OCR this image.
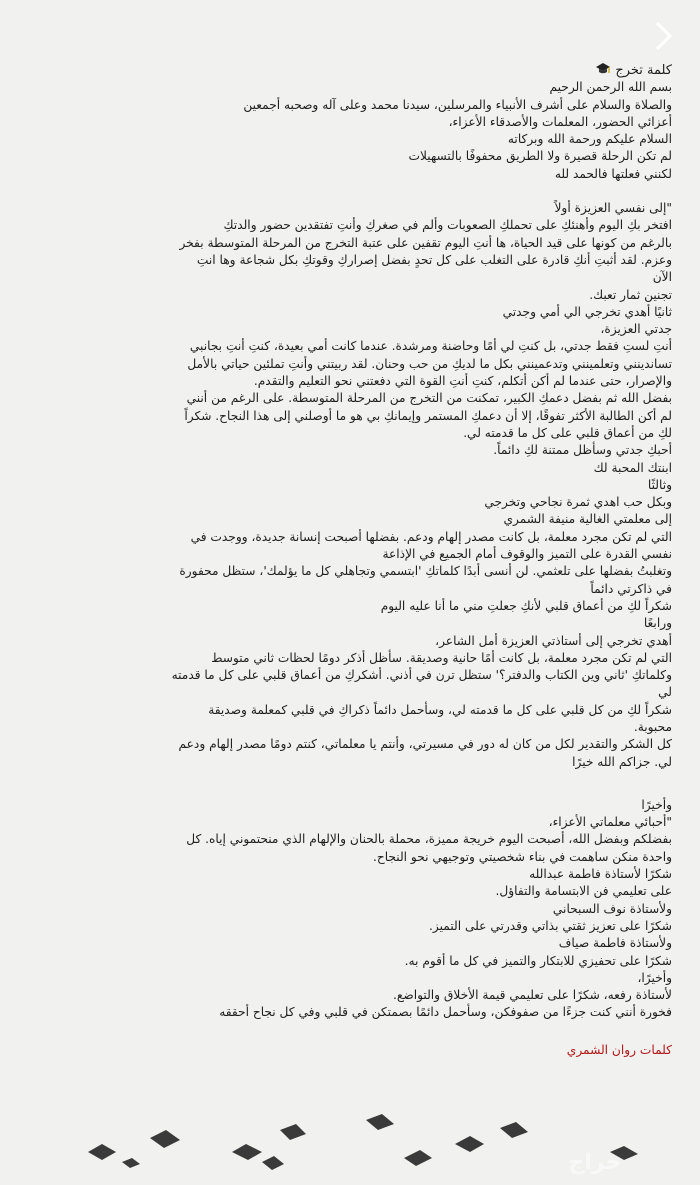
كلمة تخرج
بسم الله الرحمن الرحيم
والصلاة والسلام على أشرف الأنبياء والمرسلين، سيدنا محمد وعلى آله وصحبه أجمعين
أعزائي الحضور، المعلمات والأصدقاء الأعزاء،
السلام عليكم ورحمة الله وبركاته
لم تكن الرحلة قصيرة ولا الطريق محفوفًا بالتسهيلات
لكنني فعلتها فالحمد لله
"إلى نفسي العزيزة أولاً
افتخر بكِ اليوم وأهنئكِ على تحملكِ الصعوبات وألم في صغركِ وأنتِ تفتقدين حضور والدتكِ
بالرغم من كونها على قيد الحياة، ها أنتِ اليوم تقفين على عتبة التخرج من المرحلة المتوسطة بفخر
وعزم. لقد أثبتِ أنكِ قادرة على التغلب على كل تحدٍ بفضل إصراركِ وقوتكِ بكل شجاعة وها انتِ
الآن
تجنين ثمار تعبك.
ثانيًا أهدي تخرجي الي أمي وجدتي
جدتي العزيزة،
أنتِ لستِ فقط جدتي، بل كنتِ لي أمًا وحاضنة ومرشدة. عندما كانت أمي بعيدة، كنتِ أنتِ بجانبي
تساندينني وتعلمينني وتدعمينني بكل ما لديكِ من حب وحنان. لقد ربيتني وأنتِ تملئين حياتي بالأمل
والإصرار، حتى عندما لم أكن أتكلم، كنتِ أنتِ القوة التي دفعتني نحو التعليم والتقدم.
بفضل الله ثم بفضل دعمكِ الكبير، تمكنت من التخرج من المرحلة المتوسطة. على الرغم من أنني
لم أكن الطالبة الأكثر تفوقًا، إلا أن دعمكِ المستمر وإيمانكِ بي هو ما أوصلني إلى هذا النجاح. شكراً
لكِ من أعماق قلبي على كل ما قدمته لي.
أحبكِ جدتي وسأظل ممتنة لكِ دائماً.
ابنتك المحبة لك
وثالثًا
وبكل حب اهدي ثمرة نجاحي وتخرجي
إلى معلمتي الغالية منيفة الشمري
التي لم تكن مجرد معلمة، بل كانت مصدر إلهام ودعم. بفضلها أصبحت إنسانة جديدة، ووجدت في
نفسي القدرة على التميز والوقوف أمام الجميع في الإذاعة
وتغلبتُ بفضلها على تلعثمي. لن أنسى أبدًا كلماتكِ 'ابتسمي وتجاهلي كل ما يؤلمك'، ستظل محفورة
في ذاكرتي دائماً
شكراً لكِ من أعماق قلبي لأنكِ جعلتِ مني ما أنا عليه اليوم
ورابعًا
أهدي تخرجي إلى أستاذتي العزيزة أمل الشاعر،
التي لم تكن مجرد معلمة، بل كانت أمًا حانية وصديقة. سأظل أذكر دومًا لحظات ثاني متوسط
وكلماتكِ 'ثاني وين الكتاب والدفتر؟' ستظل ترن في أذني. أشكركِ من أعماق قلبي على كل ما قدمته
لي
شكراً لكِ من كل قلبي على كل ما قدمته لي، وسأحمل دائماً ذكراكِ في قلبي كمعلمة وصديقة
محبوبة.
كل الشكر والتقدير لكل من كان له دور في مسيرتي، وأنتم يا معلماتي، كنتم دومًا مصدر إلهام ودعم
لي. جزاكم الله خيرًا
وأخيرًا
"أحبائي معلماتي الأعزاء،
بفضلكم وبفضل الله، أصبحت اليوم خريجة مميزة، محملة بالحنان والإلهام الذي منحتموني إياه. كل
واحدة منكن ساهمت في بناء شخصيتي وتوجيهي نحو النجاح.
شكرًا لأستاذة فاطمة عبدالله
على تعليمي فن الابتسامة والتفاؤل.
ولأستاذة نوف السبحاني
شكرًا على تعزيز ثقتي بذاتي وقدرتي على التميز.
ولأستاذة فاطمة صياف
شكرًا على تحفيزي للابتكار والتميز في كل ما أقوم به.
وأخيرًا،
لأستاذة رفعه، شكرًا على تعليمي قيمة الأخلاق والتواضع.
فخورة أنني كنت جزءًا من صفوفكن، وسأحمل دائمًا بصمتكن في قلبي وفي كل نجاح أحققه
كلمات روان الشمري
حراج
